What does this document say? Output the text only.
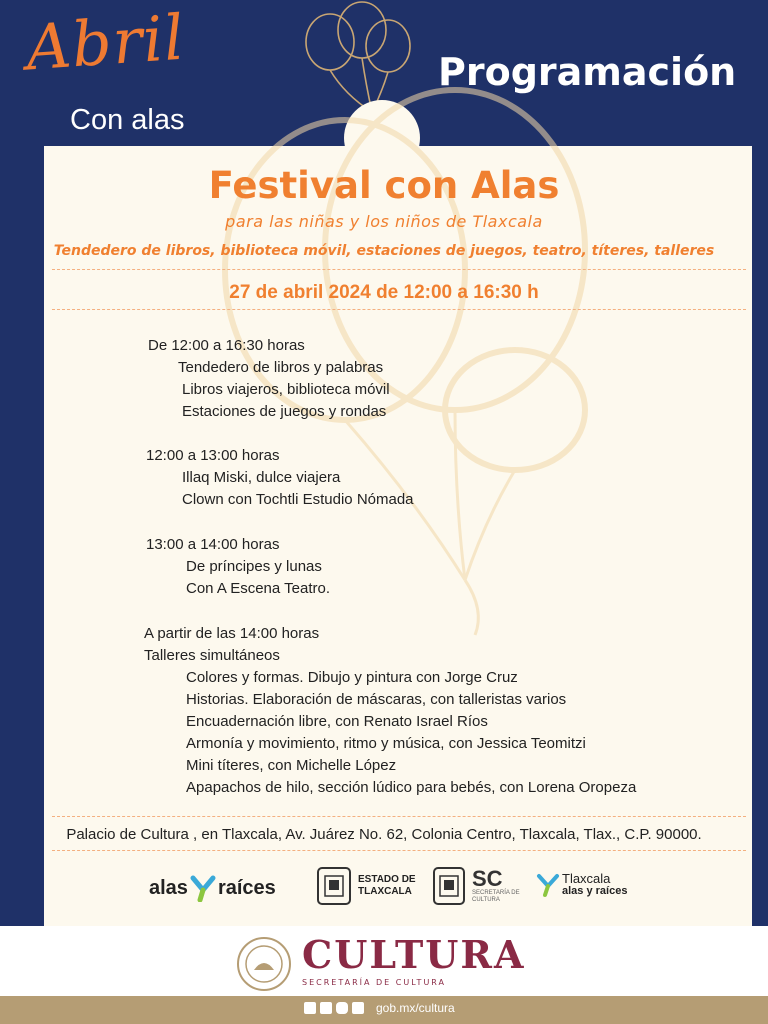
Abril
Con alas
Programación
Festival con Alas
para las niñas y los niños de Tlaxcala
Tendedero de libros, biblioteca móvil, estaciones de juegos, teatro, títeres, talleres
27 de abril 2024 de 12:00 a 16:30 h
De 12:00 a 16:30 horas
Tendedero de libros y palabras
Libros viajeros, biblioteca móvil
Estaciones de juegos y rondas
12:00 a 13:00 horas
Illaq Miski, dulce viajera
Clown con Tochtli Estudio Nómada
13:00 a 14:00 horas
De príncipes y lunas
Con A Escena Teatro.
A partir de las 14:00 horas
Talleres simultáneos
Colores y formas. Dibujo y pintura con Jorge Cruz
Historias. Elaboración de máscaras, con talleristas varios
Encuadernación libre, con Renato Israel Ríos
Armonía y movimiento, ritmo y música, con Jessica Teomitzi
Mini títeres, con Michelle López
Apapachos de hilo, sección lúdico para bebés, con Lorena Oropeza
Palacio de Cultura , en Tlaxcala, Av. Juárez No. 62, Colonia Centro, Tlaxcala, Tlax., C.P. 90000.
alas raíces	ESTADO DE
TLAXCALA
SC
SECRETARÍA DE
CULTURA
Tlaxcala
alas y raíces
CULTURA
SECRETARÍA DE CULTURA
gob.mx/cultura
